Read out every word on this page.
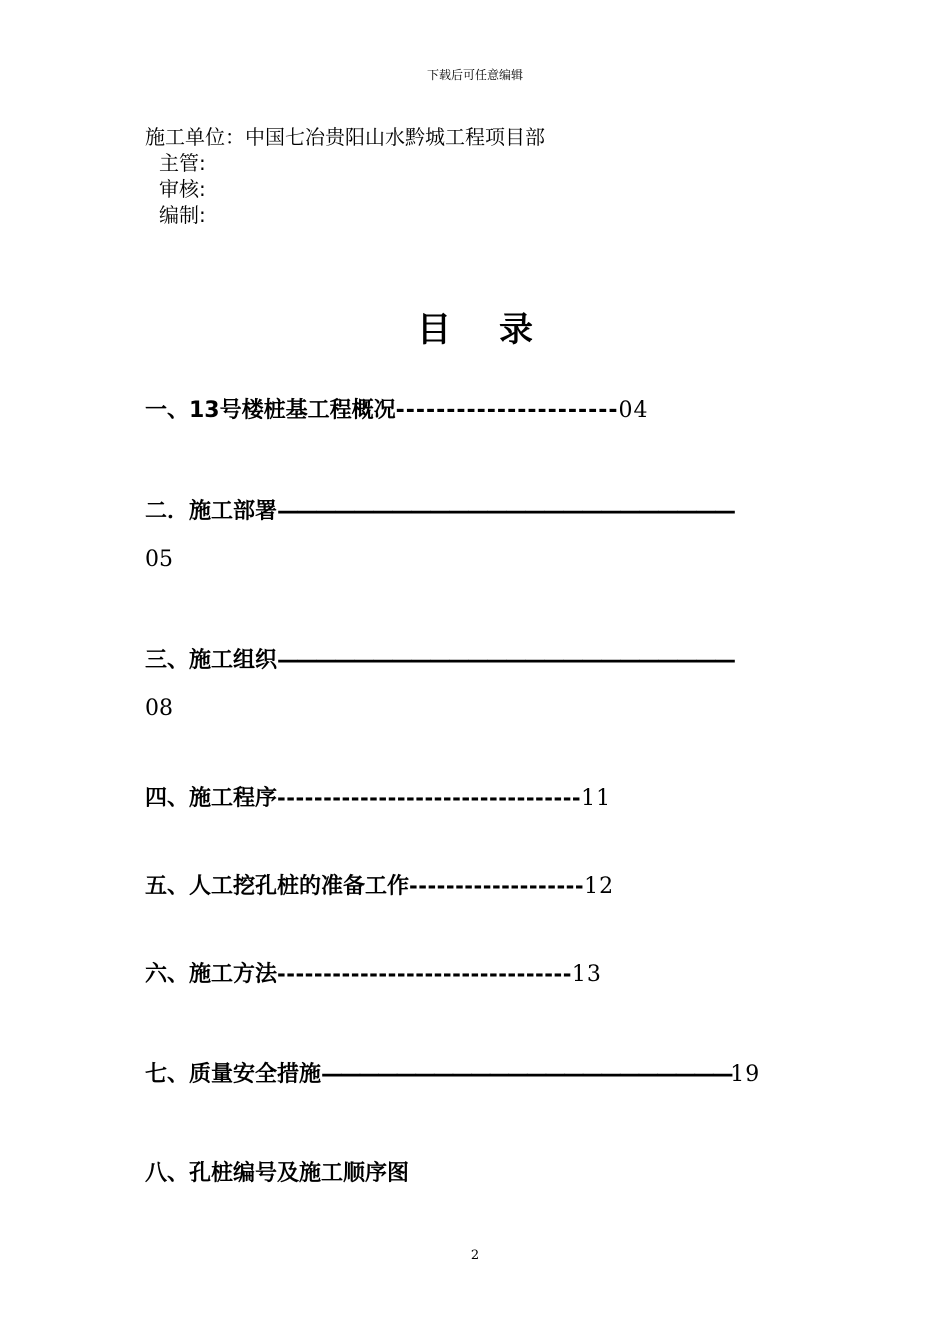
下载后可任意编辑
施工单位：中国七冶贵阳山水黔城工程项目部
主管:
审核:
编制:
目 录
一、13号楼桩基工程概况----------------------04
二．施工部署————————————————————————
05
三、施工组织————————————————————————
08
四、施工程序---------------------------------11
五、人工挖孔桩的准备工作-------------------12
六、施工方法--------------------------------13
七、质量安全措施——————————————————————19
八、孔桩编号及施工顺序图
2
